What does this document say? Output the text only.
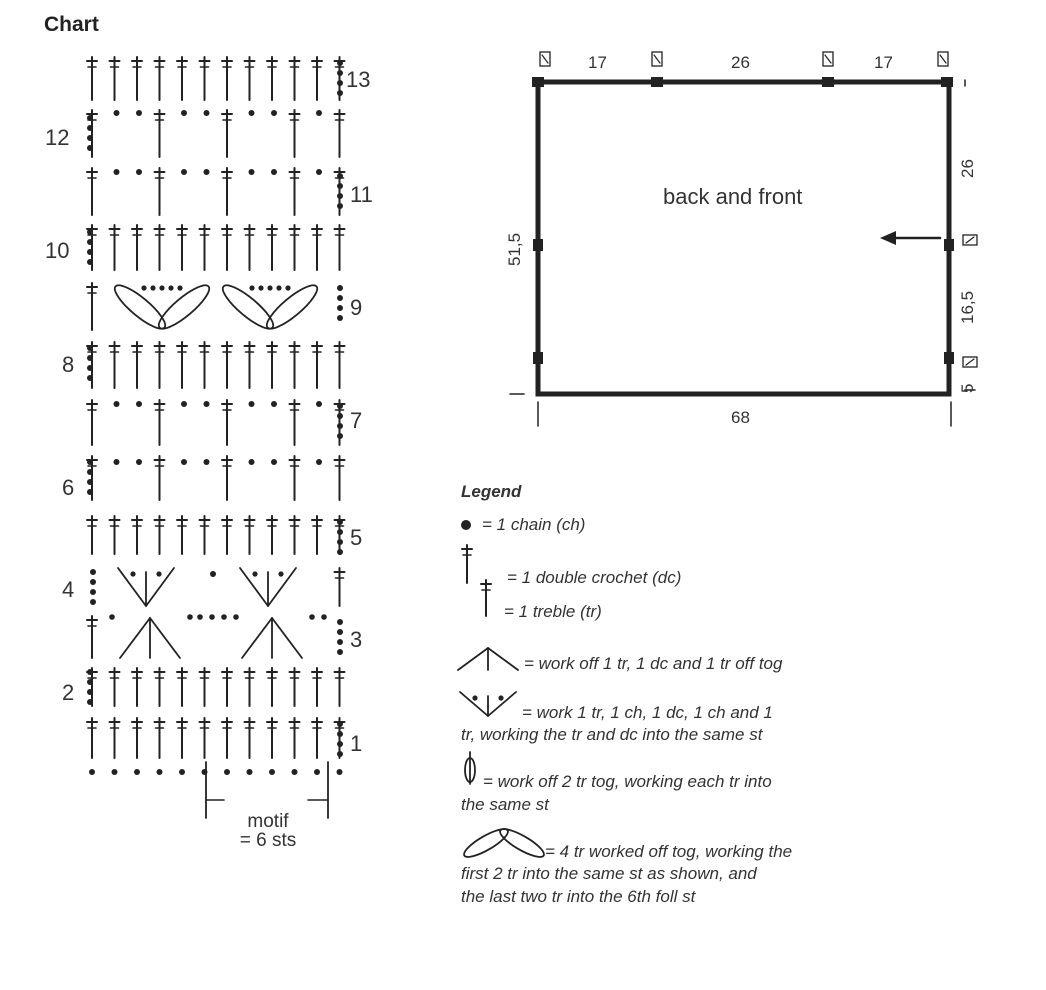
Chart
13
12
11
10
9
8
7
6
5
4
3
2
1
motif
= 6 sts
17	26	17
68
51,5
26
16,5
5
back and front
Legend
= 1 chain (ch)
= 1 double crochet (dc)
= 1 treble (tr)
= work off 1 tr, 1 dc and 1 tr off tog
= work 1 tr, 1 ch, 1 dc, 1 ch and 1
tr, working the tr and dc into the same st
= work off 2 tr tog, working each tr into
the same st
= 4 tr worked off tog, working the
first 2 tr into the same st as shown, and
the last two tr into the 6th foll st
